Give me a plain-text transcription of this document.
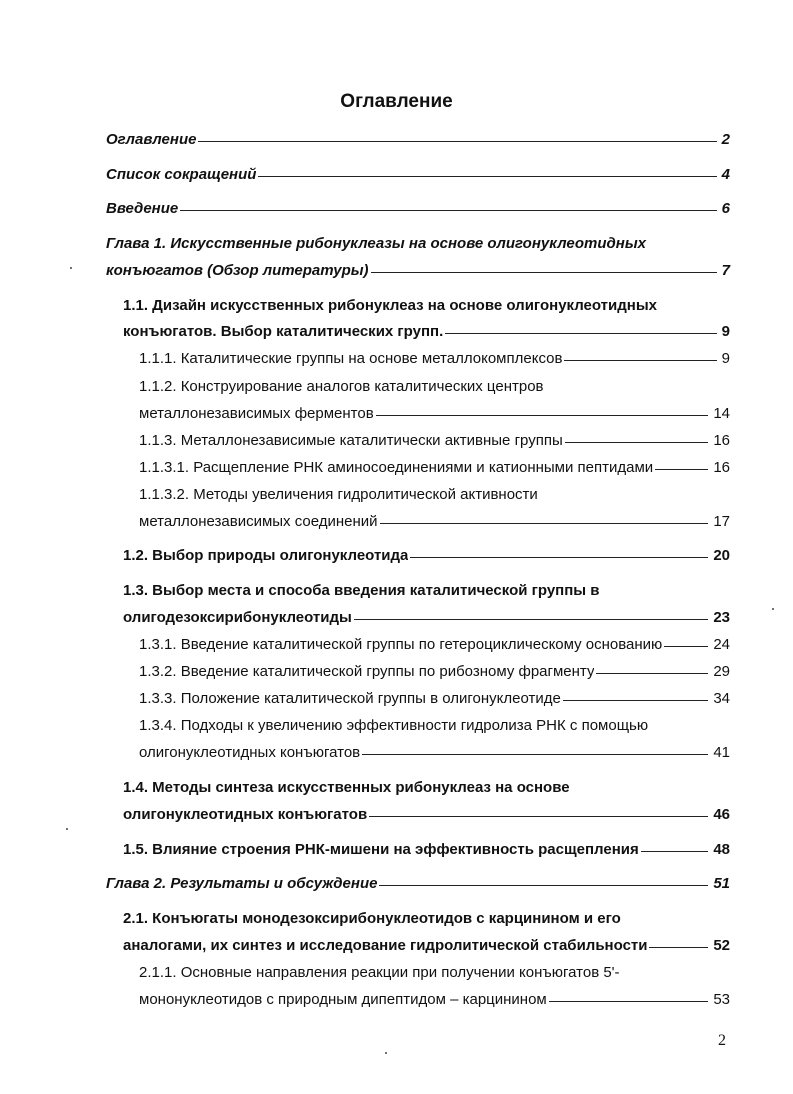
Оглавление
Оглавление	2
Список сокращений	4
Введение	6
Глава 1. Искусственные рибонуклеазы на основе олигонуклеотидных
конъюгатов (Обзор литературы)	7
1.1. Дизайн искусственных рибонуклеаз на основе олигонуклеотидных
конъюгатов. Выбор каталитических групп.	9
1.1.1. Каталитические группы на основе металлокомплексов	9
1.1.2. Конструирование аналогов каталитических центров
металлонезависимых ферментов	14
1.1.3. Металлонезависимые каталитически активные группы	16
1.1.3.1. Расщепление РНК аминосоединениями и катионными пептидами	16
1.1.3.2. Методы увеличения гидролитической активности
металлонезависимых соединений	17
1.2. Выбор природы олигонуклеотида	20
1.3. Выбор места и способа введения каталитической группы в
олигодезоксирибонуклеотиды	23
1.3.1. Введение каталитической группы по гетероциклическому основанию	24
1.3.2. Введение каталитической группы по рибозному фрагменту	29
1.3.3. Положение каталитической группы в олигонуклеотиде	34
1.3.4. Подходы к увеличению эффективности гидролиза РНК с помощью
олигонуклеотидных конъюгатов	41
1.4. Методы синтеза искусственных рибонуклеаз на основе
олигонуклеотидных конъюгатов	46
1.5. Влияние строения РНК-мишени на эффективность расщепления	48
Глава 2. Результаты и обсуждение	51
2.1. Конъюгаты монодезоксирибонуклеотидов с карцинином и его
аналогами, их синтез и исследование гидролитической стабильности	52
2.1.1. Основные направления реакции при получении конъюгатов 5'-
мононуклеотидов с природным дипептидом – карцинином	53
2
